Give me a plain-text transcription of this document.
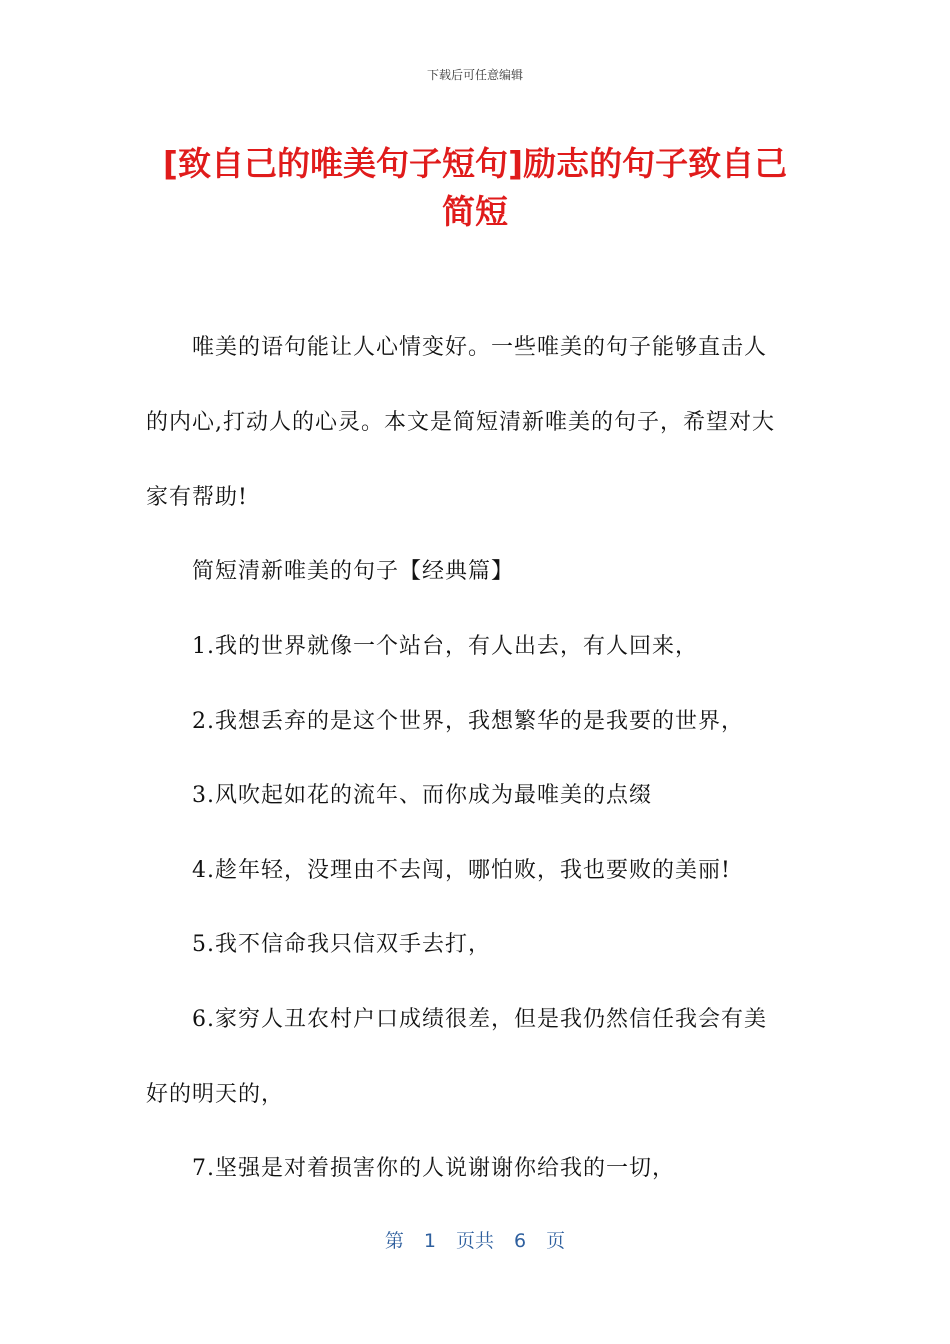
下载后可任意编辑
[致自己的唯美句子短句]励志的句子致自己
简短
唯美的语句能让人心情变好。一些唯美的句子能够直击人
的内心,打动人的心灵。本文是简短清新唯美的句子，希望对大
家有帮助!
简短清新唯美的句子【经典篇】
1.我的世界就像一个站台，有人出去，有人回来，
2.我想丢弃的是这个世界，我想繁华的是我要的世界，
3.风吹起如花的流年、而你成为最唯美的点缀
4.趁年轻，没理由不去闯，哪怕败，我也要败的美丽!
5.我不信命我只信双手去打，
6.家穷人丑农村户口成绩很差，但是我仍然信任我会有美
好的明天的，
7.坚强是对着损害你的人说谢谢你给我的一切，
第 1 页共 6 页
